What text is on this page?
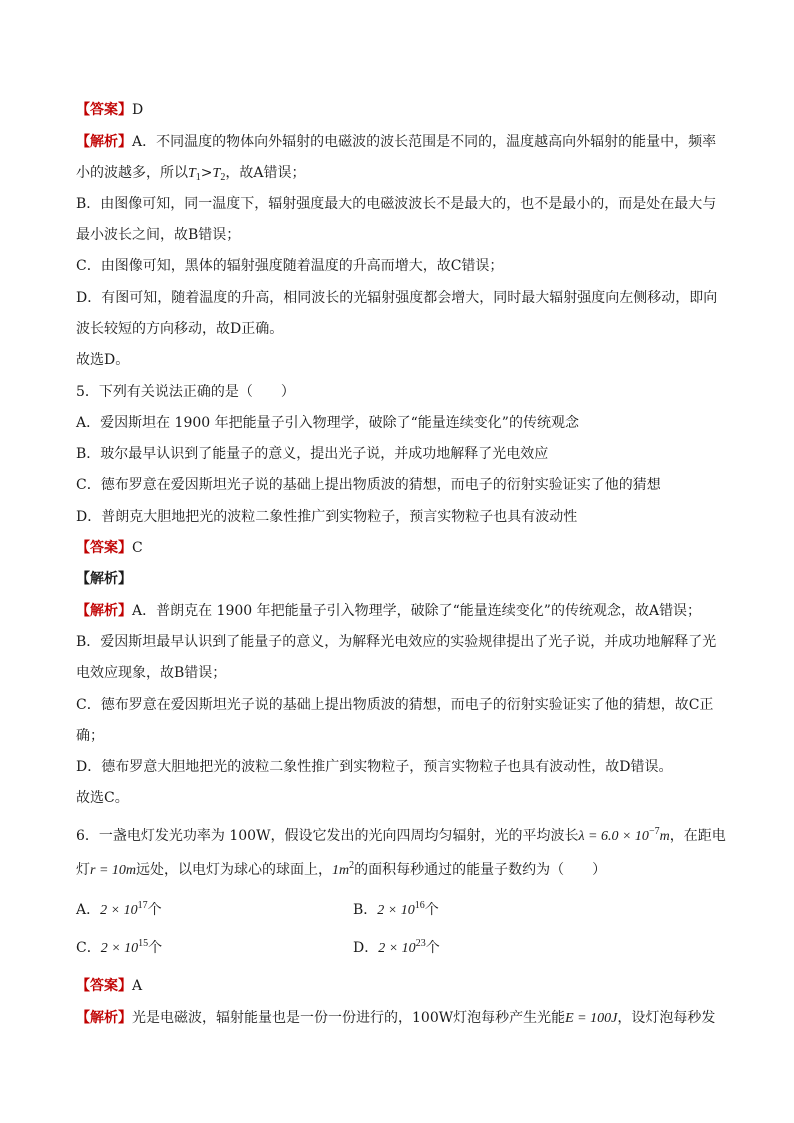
【答案】D
【解析】A．不同温度的物体向外辐射的电磁波的波长范围是不同的，温度越高向外辐射的能量中，频率
小的波越多，所以$T_1>T_2$，故A错误；
B．由图像可知，同一温度下，辐射强度最大的电磁波波长不是最大的，也不是最小的，而是处在最大与
最小波长之间，故B错误；
C．由图像可知，黑体的辐射强度随着温度的升高而增大，故C错误；
D．有图可知，随着温度的升高，相同波长的光辐射强度都会增大，同时最大辐射强度向左侧移动，即向
波长较短的方向移动，故D正确。
故选D。
5．下列有关说法正确的是（　　）
A．爱因斯坦在 1900 年把能量子引入物理学，破除了“能量连续变化”的传统观念
B．玻尔最早认识到了能量子的意义，提出光子说，并成功地解释了光电效应
C．德布罗意在爱因斯坦光子说的基础上提出物质波的猜想，而电子的衍射实验证实了他的猜想
D．普朗克大胆地把光的波粒二象性推广到实物粒子，预言实物粒子也具有波动性
【答案】C
【解析】
【解析】A．普朗克在 1900 年把能量子引入物理学，破除了“能量连续变化”的传统观念，故A错误；
B．爱因斯坦最早认识到了能量子的意义，为解释光电效应的实验规律提出了光子说，并成功地解释了光
电效应现象，故B错误；
C．德布罗意在爱因斯坦光子说的基础上提出物质波的猜想，而电子的衍射实验证实了他的猜想，故C正
确；
D．德布罗意大胆地把光的波粒二象性推广到实物粒子，预言实物粒子也具有波动性，故D错误。
故选C。
6．一盏电灯发光功率为 100W，假设它发出的光向四周均匀辐射，光的平均波长$\lambda = 6.0 \times 10^{-7}m$，在距电
灯r = 10m远处，以电灯为球心的球面上，$1m^2$的面积每秒通过的能量子数约为（　　）
A．$2 \times 10^{17}$个	B．$2 \times 10^{16}$个
C．$2 \times 10^{15}$个	D．$2 \times 10^{23}$个
【答案】A
【解析】光是电磁波，辐射能量也是一份一份进行的，100W灯泡每秒产生光能E = 100J，设灯泡每秒发
